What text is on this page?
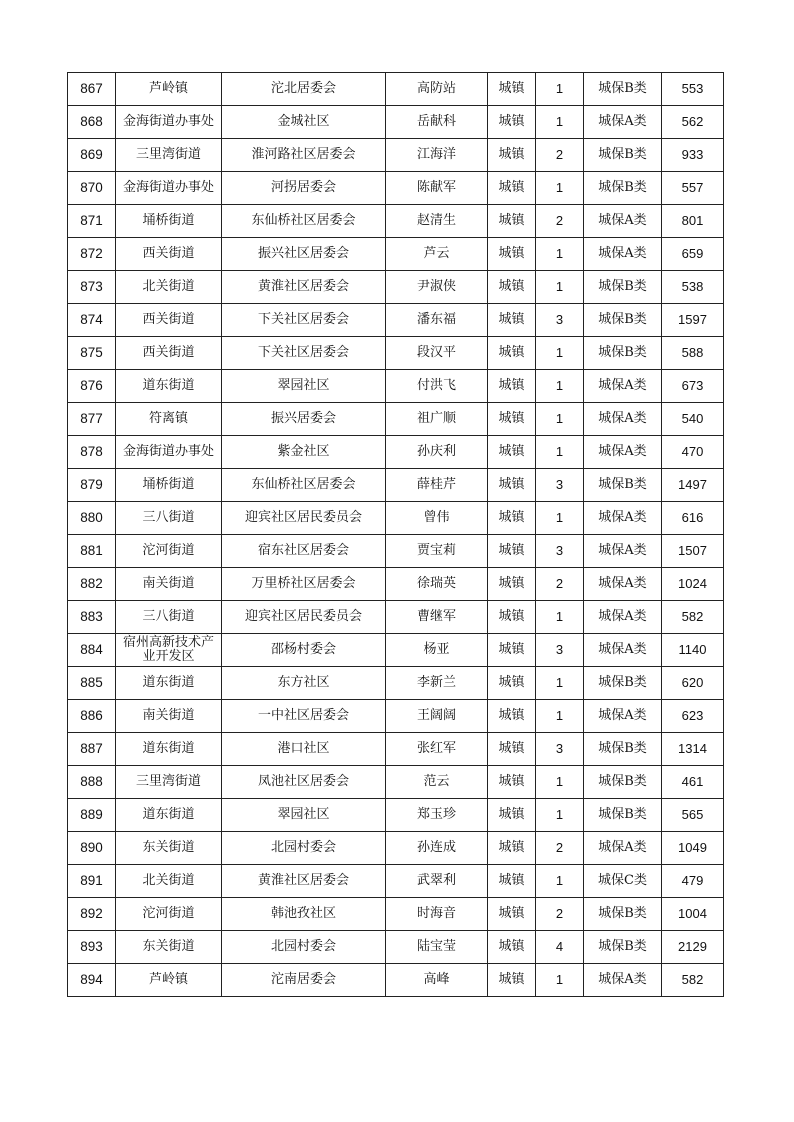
867	芦岭镇	沱北居委会	高防站	城镇	1	城保B类	553
868	金海街道办事处	金城社区	岳献科	城镇	1	城保A类	562
869	三里湾街道	淮河路社区居委会	江海洋	城镇	2	城保B类	933
870	金海街道办事处	河拐居委会	陈献军	城镇	1	城保B类	557
871	埇桥街道	东仙桥社区居委会	赵清生	城镇	2	城保A类	801
872	西关街道	振兴社区居委会	芦云	城镇	1	城保A类	659
873	北关街道	黄淮社区居委会	尹淑侠	城镇	1	城保B类	538
874	西关街道	下关社区居委会	潘东福	城镇	3	城保B类	1597
875	西关街道	下关社区居委会	段汉平	城镇	1	城保B类	588
876	道东街道	翠园社区	付洪飞	城镇	1	城保A类	673
877	符离镇	振兴居委会	祖广顺	城镇	1	城保A类	540
878	金海街道办事处	紫金社区	孙庆利	城镇	1	城保A类	470
879	埇桥街道	东仙桥社区居委会	薛桂芹	城镇	3	城保B类	1497
880	三八街道	迎宾社区居民委员会	曾伟	城镇	1	城保A类	616
881	沱河街道	宿东社区居委会	贾宝莉	城镇	3	城保A类	1507
882	南关街道	万里桥社区居委会	徐瑞英	城镇	2	城保A类	1024
883	三八街道	迎宾社区居民委员会	曹继军	城镇	1	城保A类	582
884	宿州高新技术产业开发区	邵杨村委会	杨亚	城镇	3	城保A类	1140
885	道东街道	东方社区	李新兰	城镇	1	城保B类	620
886	南关街道	一中社区居委会	王阔阔	城镇	1	城保A类	623
887	道东街道	港口社区	张红军	城镇	3	城保B类	1314
888	三里湾街道	凤池社区居委会	范云	城镇	1	城保B类	461
889	道东街道	翠园社区	郑玉珍	城镇	1	城保B类	565
890	东关街道	北园村委会	孙连成	城镇	2	城保A类	1049
891	北关街道	黄淮社区居委会	武翠利	城镇	1	城保C类	479
892	沱河街道	韩池孜社区	时海音	城镇	2	城保B类	1004
893	东关街道	北园村委会	陆宝莹	城镇	4	城保B类	2129
894	芦岭镇	沱南居委会	高峰	城镇	1	城保A类	582
